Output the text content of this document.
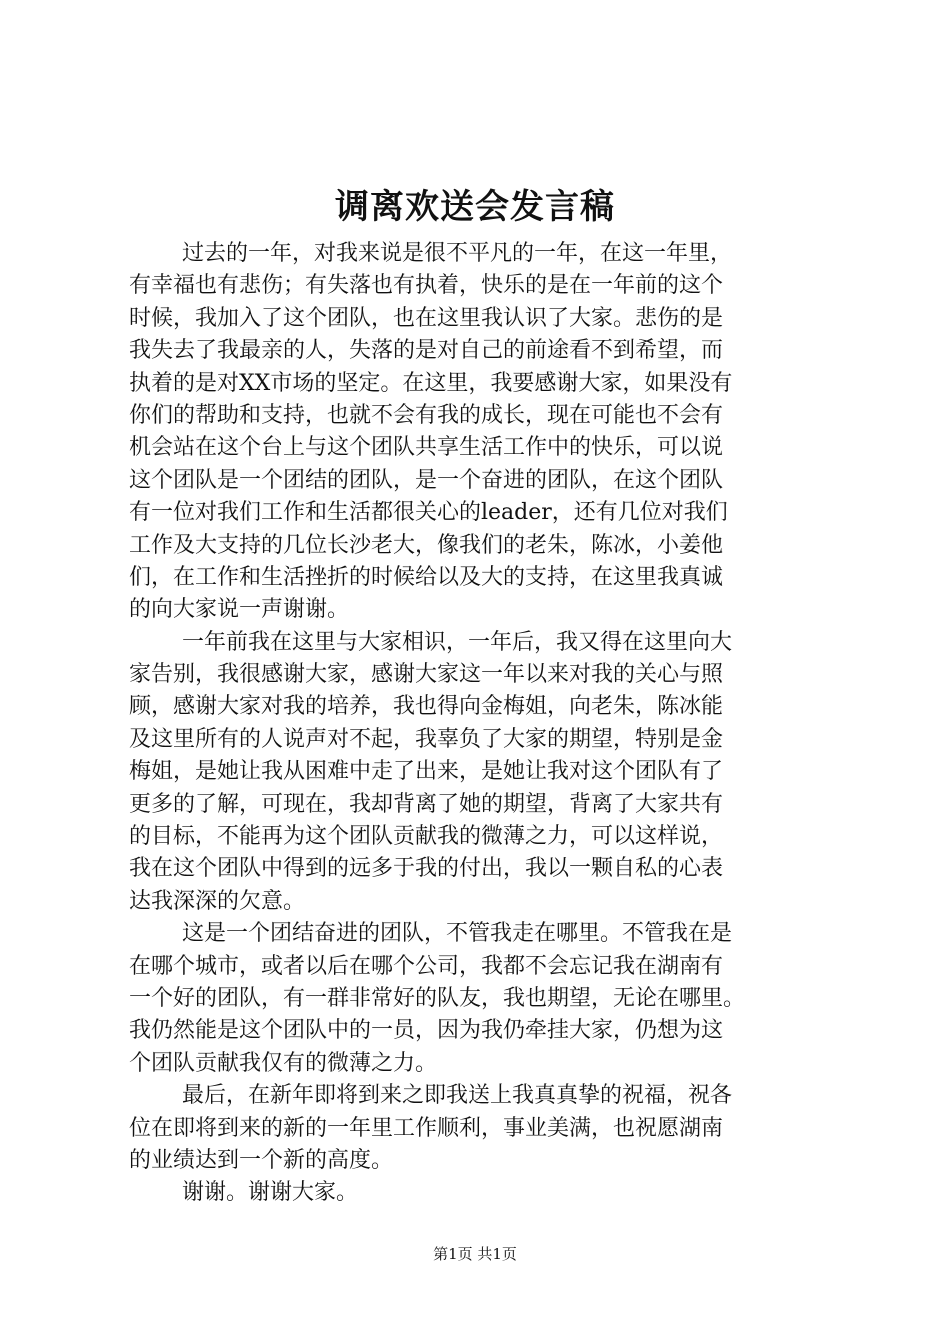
调离欢送会发言稿
过去的一年，对我来说是很不平凡的一年，在这一年里，
有幸福也有悲伤；有失落也有执着，快乐的是在一年前的这个
时候，我加入了这个团队，也在这里我认识了大家。悲伤的是
我失去了我最亲的人，失落的是对自己的前途看不到希望，而
执着的是对XX市场的坚定。在这里，我要感谢大家，如果没有
你们的帮助和支持，也就不会有我的成长，现在可能也不会有
机会站在这个台上与这个团队共享生活工作中的快乐，可以说
这个团队是一个团结的团队，是一个奋进的团队，在这个团队
有一位对我们工作和生活都很关心的leader，还有几位对我们
工作及大支持的几位长沙老大，像我们的老朱，陈冰，小姜他
们，在工作和生活挫折的时候给以及大的支持，在这里我真诚
的向大家说一声谢谢。
一年前我在这里与大家相识，一年后，我又得在这里向大
家告别，我很感谢大家，感谢大家这一年以来对我的关心与照
顾，感谢大家对我的培养，我也得向金梅姐，向老朱，陈冰能
及这里所有的人说声对不起，我辜负了大家的期望，特别是金
梅姐，是她让我从困难中走了出来，是她让我对这个团队有了
更多的了解，可现在，我却背离了她的期望，背离了大家共有
的目标，不能再为这个团队贡献我的微薄之力，可以这样说，
我在这个团队中得到的远多于我的付出，我以一颗自私的心表
达我深深的欠意。
这是一个团结奋进的团队，不管我走在哪里。不管我在是
在哪个城市，或者以后在哪个公司，我都不会忘记我在湖南有
一个好的团队，有一群非常好的队友，我也期望，无论在哪里。
我仍然能是这个团队中的一员，因为我仍牵挂大家，仍想为这
个团队贡献我仅有的微薄之力。
最后，在新年即将到来之即我送上我真真挚的祝福，祝各
位在即将到来的新的一年里工作顺利，事业美满，也祝愿湖南
的业绩达到一个新的高度。
谢谢。谢谢大家。
第1页 共1页
